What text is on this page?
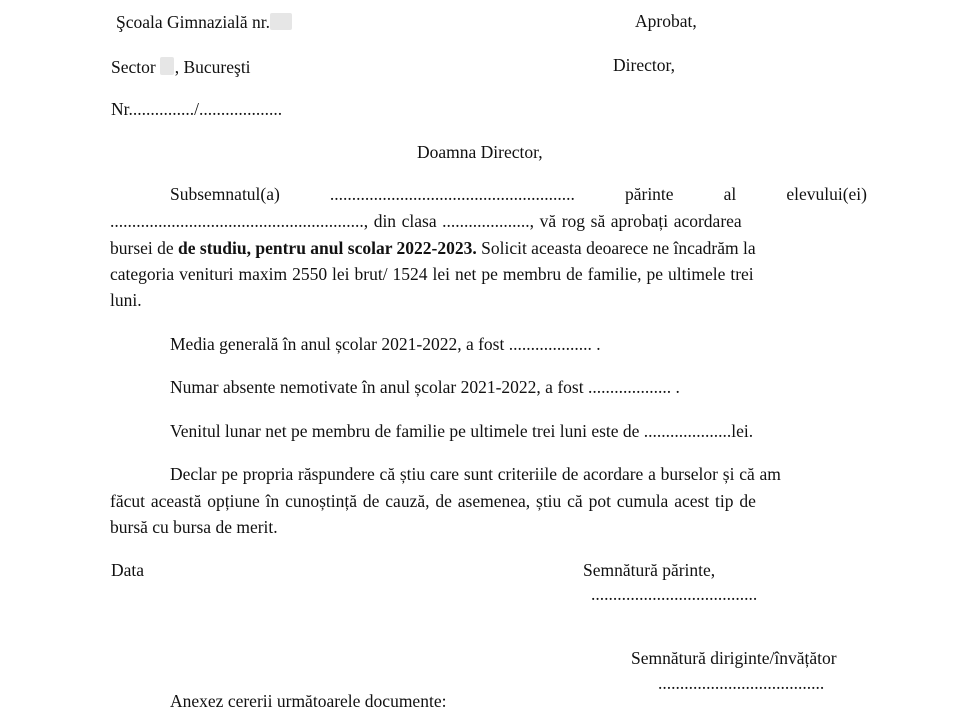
Şcoala Gimnazială nr.
Sector , Bucureşti
Nr.............../...................
Aprobat,
Director,
Doamna Director,
Subsemnatul(a)	........................................................	părinte	al	elevului(ei)
.........................................................., din clasa ...................., vă rog să aprobați acordarea
bursei de de studiu, pentru anul scolar 2022-2023. Solicit aceasta deoarece ne încadrăm la
categoria venituri maxim 2550 lei brut/ 1524 lei net pe membru de familie, pe ultimele trei
luni.
Media generală în anul școlar 2021-2022, a fost ................... .
Numar absente nemotivate în anul școlar 2021-2022, a fost ................... .
Venitul lunar net pe membru de familie pe ultimele trei luni este de ....................lei.
Declar pe propria răspundere că știu care sunt criteriile de acordare a burselor și că am
făcut această opțiune în cunoștință de cauză, de asemenea, știu că pot cumula acest tip de
bursă cu bursa de merit.
Data	Semnătură părinte,
......................................
Semnătură diriginte/învățător
......................................
Anexez cererii următoarele documente:
